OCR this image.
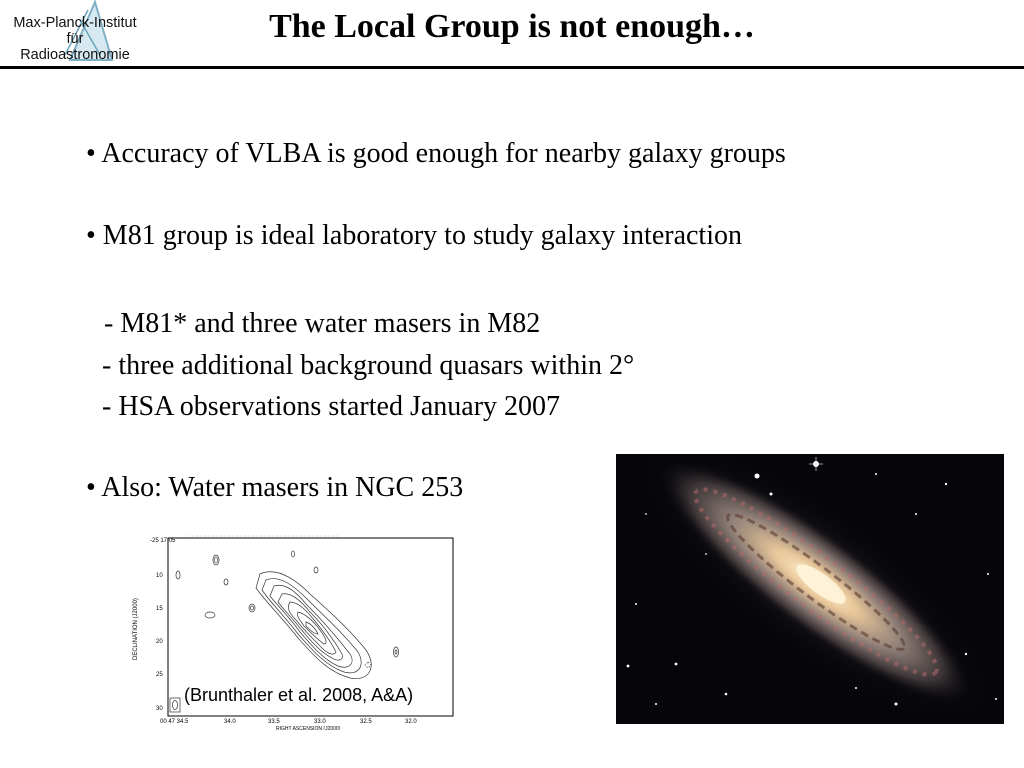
Max-Planck-Institut
für
Radioastronomie
The Local Group is not enough…
• Accuracy of VLBA is good enough for nearby galaxy groups
• M81 group is ideal laboratory to study galaxy interaction
- M81* and three water masers in M82
- three additional background quasars within 2°
- HSA observations started January 2007
• Also: Water masers in NGC 253
-25 17 05
10
15
20
25
30
DECLINATION (J2000)
00 47 34.5	34.0	33.5	33.0	32.5	32.0
RIGHT ASCENSION (J2000)
(Brunthaler et al. 2008, A&A)
